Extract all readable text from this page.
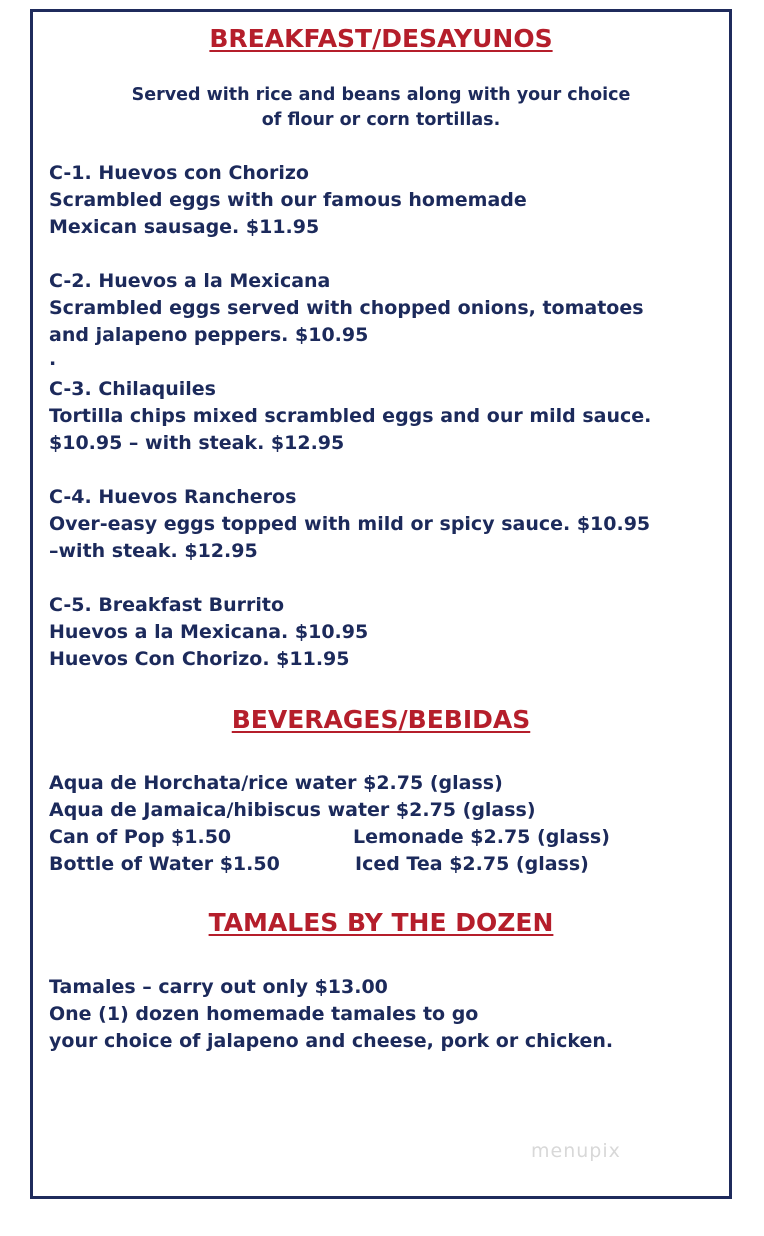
BREAKFAST/DESAYUNOS
Served with rice and beans along with your choice
of flour or corn tortillas.
C-1. Huevos con Chorizo
Scrambled eggs with our famous homemade
Mexican sausage. $11.95
C-2. Huevos a la Mexicana
Scrambled eggs served with chopped onions, tomatoes
and jalapeno peppers. $10.95
.
C-3. Chilaquiles
Tortilla chips mixed scrambled eggs and our mild sauce.
$10.95 – with steak. $12.95
C-4. Huevos Rancheros
Over-easy eggs topped with mild or spicy sauce. $10.95
–with steak. $12.95
C-5. Breakfast Burrito
Huevos a la Mexicana. $10.95
Huevos Con Chorizo. $11.95
BEVERAGES/BEBIDAS
Aqua de Horchata/rice water $2.75 (glass)
Aqua de Jamaica/hibiscus water $2.75 (glass)
Can of Pop $1.50	Lemonade $2.75 (glass)
Bottle of Water $1.50	Iced Tea $2.75 (glass)
TAMALES BY THE DOZEN
Tamales – carry out only $13.00
One (1) dozen homemade tamales to go
your choice of jalapeno and cheese, pork or chicken.
menupix
